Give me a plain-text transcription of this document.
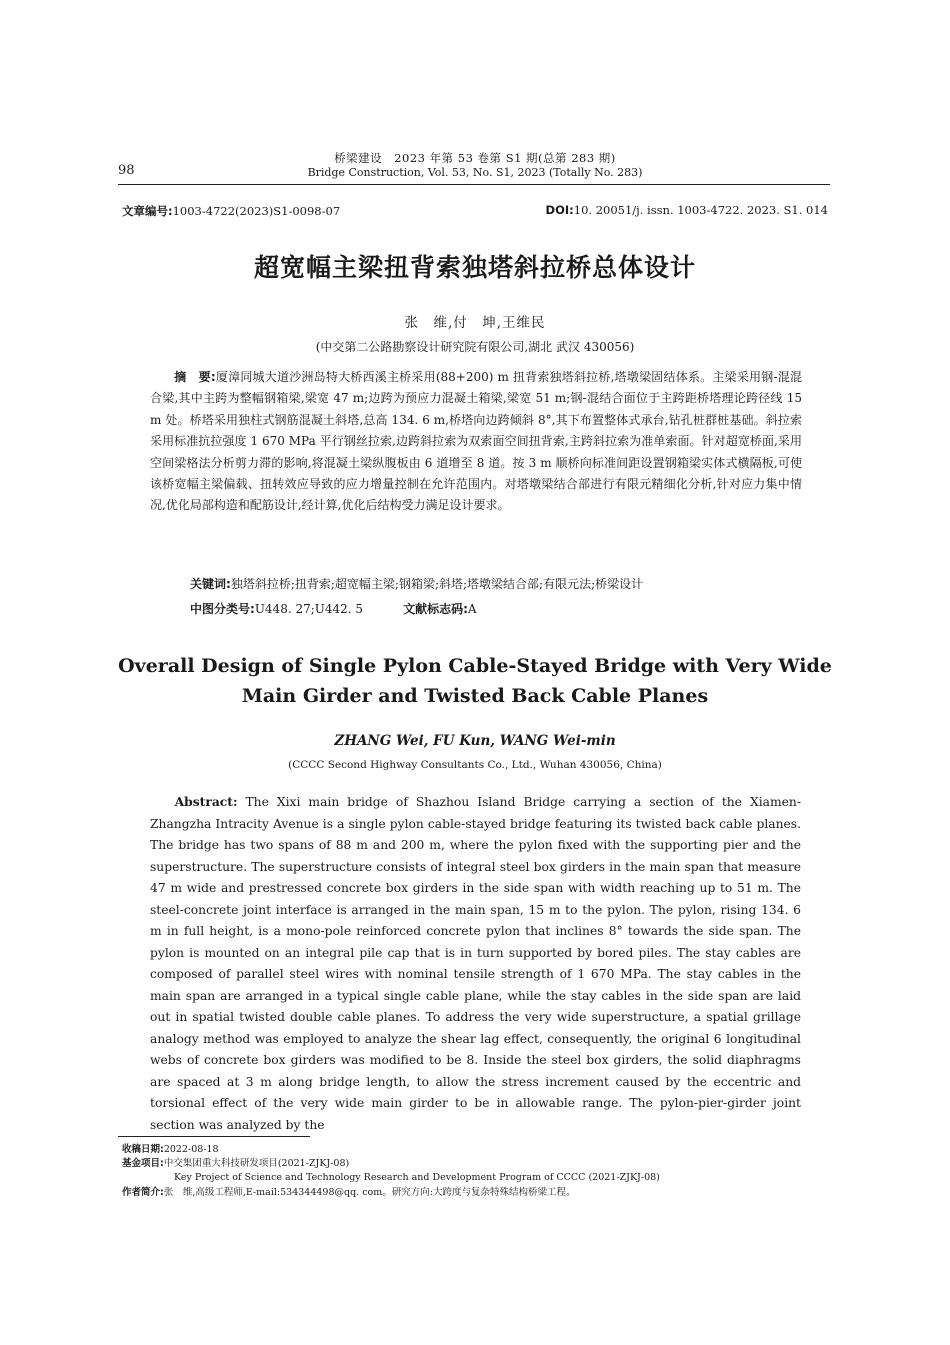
98
桥梁建设　2023 年第 53 卷第 S1 期(总第 283 期)
Bridge Construction, Vol. 53, No. S1, 2023 (Totally No. 283)
文章编号:1003-4722(2023)S1-0098-07	DOI:10. 20051/j. issn. 1003-4722. 2023. S1. 014
超宽幅主梁扭背索独塔斜拉桥总体设计
张　维,付　坤,王维民
(中交第二公路勘察设计研究院有限公司,湖北 武汉 430056)
  摘　要:厦漳同城大道沙洲岛特大桥西溪主桥采用(88+200) m 扭背索独塔斜拉桥,塔墩梁固结体系。主梁采用钢-混混合梁,其中主跨为整幅钢箱梁,梁宽 47 m;边跨为预应力混凝土箱梁,梁宽 51 m;钢-混结合面位于主跨距桥塔理论跨径线 15 m 处。桥塔采用独柱式钢筋混凝土斜塔,总高 134. 6 m,桥塔向边跨倾斜 8°,其下布置整体式承台,钻孔桩群桩基础。斜拉索采用标准抗拉强度 1 670 MPa 平行钢丝拉索,边跨斜拉索为双索面空间扭背索,主跨斜拉索为准单索面。针对超宽桥面,采用空间梁格法分析剪力滞的影响,将混凝土梁纵腹板由 6 道增至 8 道。按 3 m 顺桥向标准间距设置钢箱梁实体式横隔板,可使该桥宽幅主梁偏载、扭转效应导致的应力增量控制在允许范围内。对塔墩梁结合部进行有限元精细化分析,针对应力集中情况,优化局部构造和配筋设计,经计算,优化后结构受力满足设计要求。
关键词:独塔斜拉桥;扭背索;超宽幅主梁;钢箱梁;斜塔;塔墩梁结合部;有限元法;桥梁设计
中图分类号:U448. 27;U442. 5	文献标志码:A
Overall Design of Single Pylon Cable-Stayed Bridge with Very Wide Main Girder and Twisted Back Cable Planes
ZHANG Wei, FU Kun, WANG Wei-min
(CCCC Second Highway Consultants Co., Ltd., Wuhan 430056, China)
  Abstract: The Xixi main bridge of Shazhou Island Bridge carrying a section of the Xiamen-Zhangzha Intracity Avenue is a single pylon cable-stayed bridge featuring its twisted back cable planes. The bridge has two spans of 88 m and 200 m, where the pylon fixed with the supporting pier and the superstructure. The superstructure consists of integral steel box girders in the main span that measure 47 m wide and prestressed concrete box girders in the side span with width reaching up to 51 m. The steel-concrete joint interface is arranged in the main span, 15 m to the pylon. The pylon, rising 134. 6 m in full height, is a mono-pole reinforced concrete pylon that inclines 8° towards the side span. The pylon is mounted on an integral pile cap that is in turn supported by bored piles. The stay cables are composed of parallel steel wires with nominal tensile strength of 1 670 MPa. The stay cables in the main span are arranged in a typical single cable plane, while the stay cables in the side span are laid out in spatial twisted double cable planes. To address the very wide superstructure, a spatial grillage analogy method was employed to analyze the shear lag effect, consequently, the original 6 longitudinal webs of concrete box girders was modified to be 8. Inside the steel box girders, the solid diaphragms are spaced at 3 m along bridge length, to allow the stress increment caused by the eccentric and torsional effect of the very wide main girder to be in allowable range. The pylon-pier-girder joint section was analyzed by the
收稿日期:2022-08-18
基金项目:中交集团重大科技研发项目(2021-ZJKJ-08)
Key Project of Science and Technology Research and Development Program of CCCC (2021-ZJKJ-08)
作者简介:张　维,高级工程师,E-mail:534344498@qq. com。研究方向:大跨度与复杂特殊结构桥梁工程。
